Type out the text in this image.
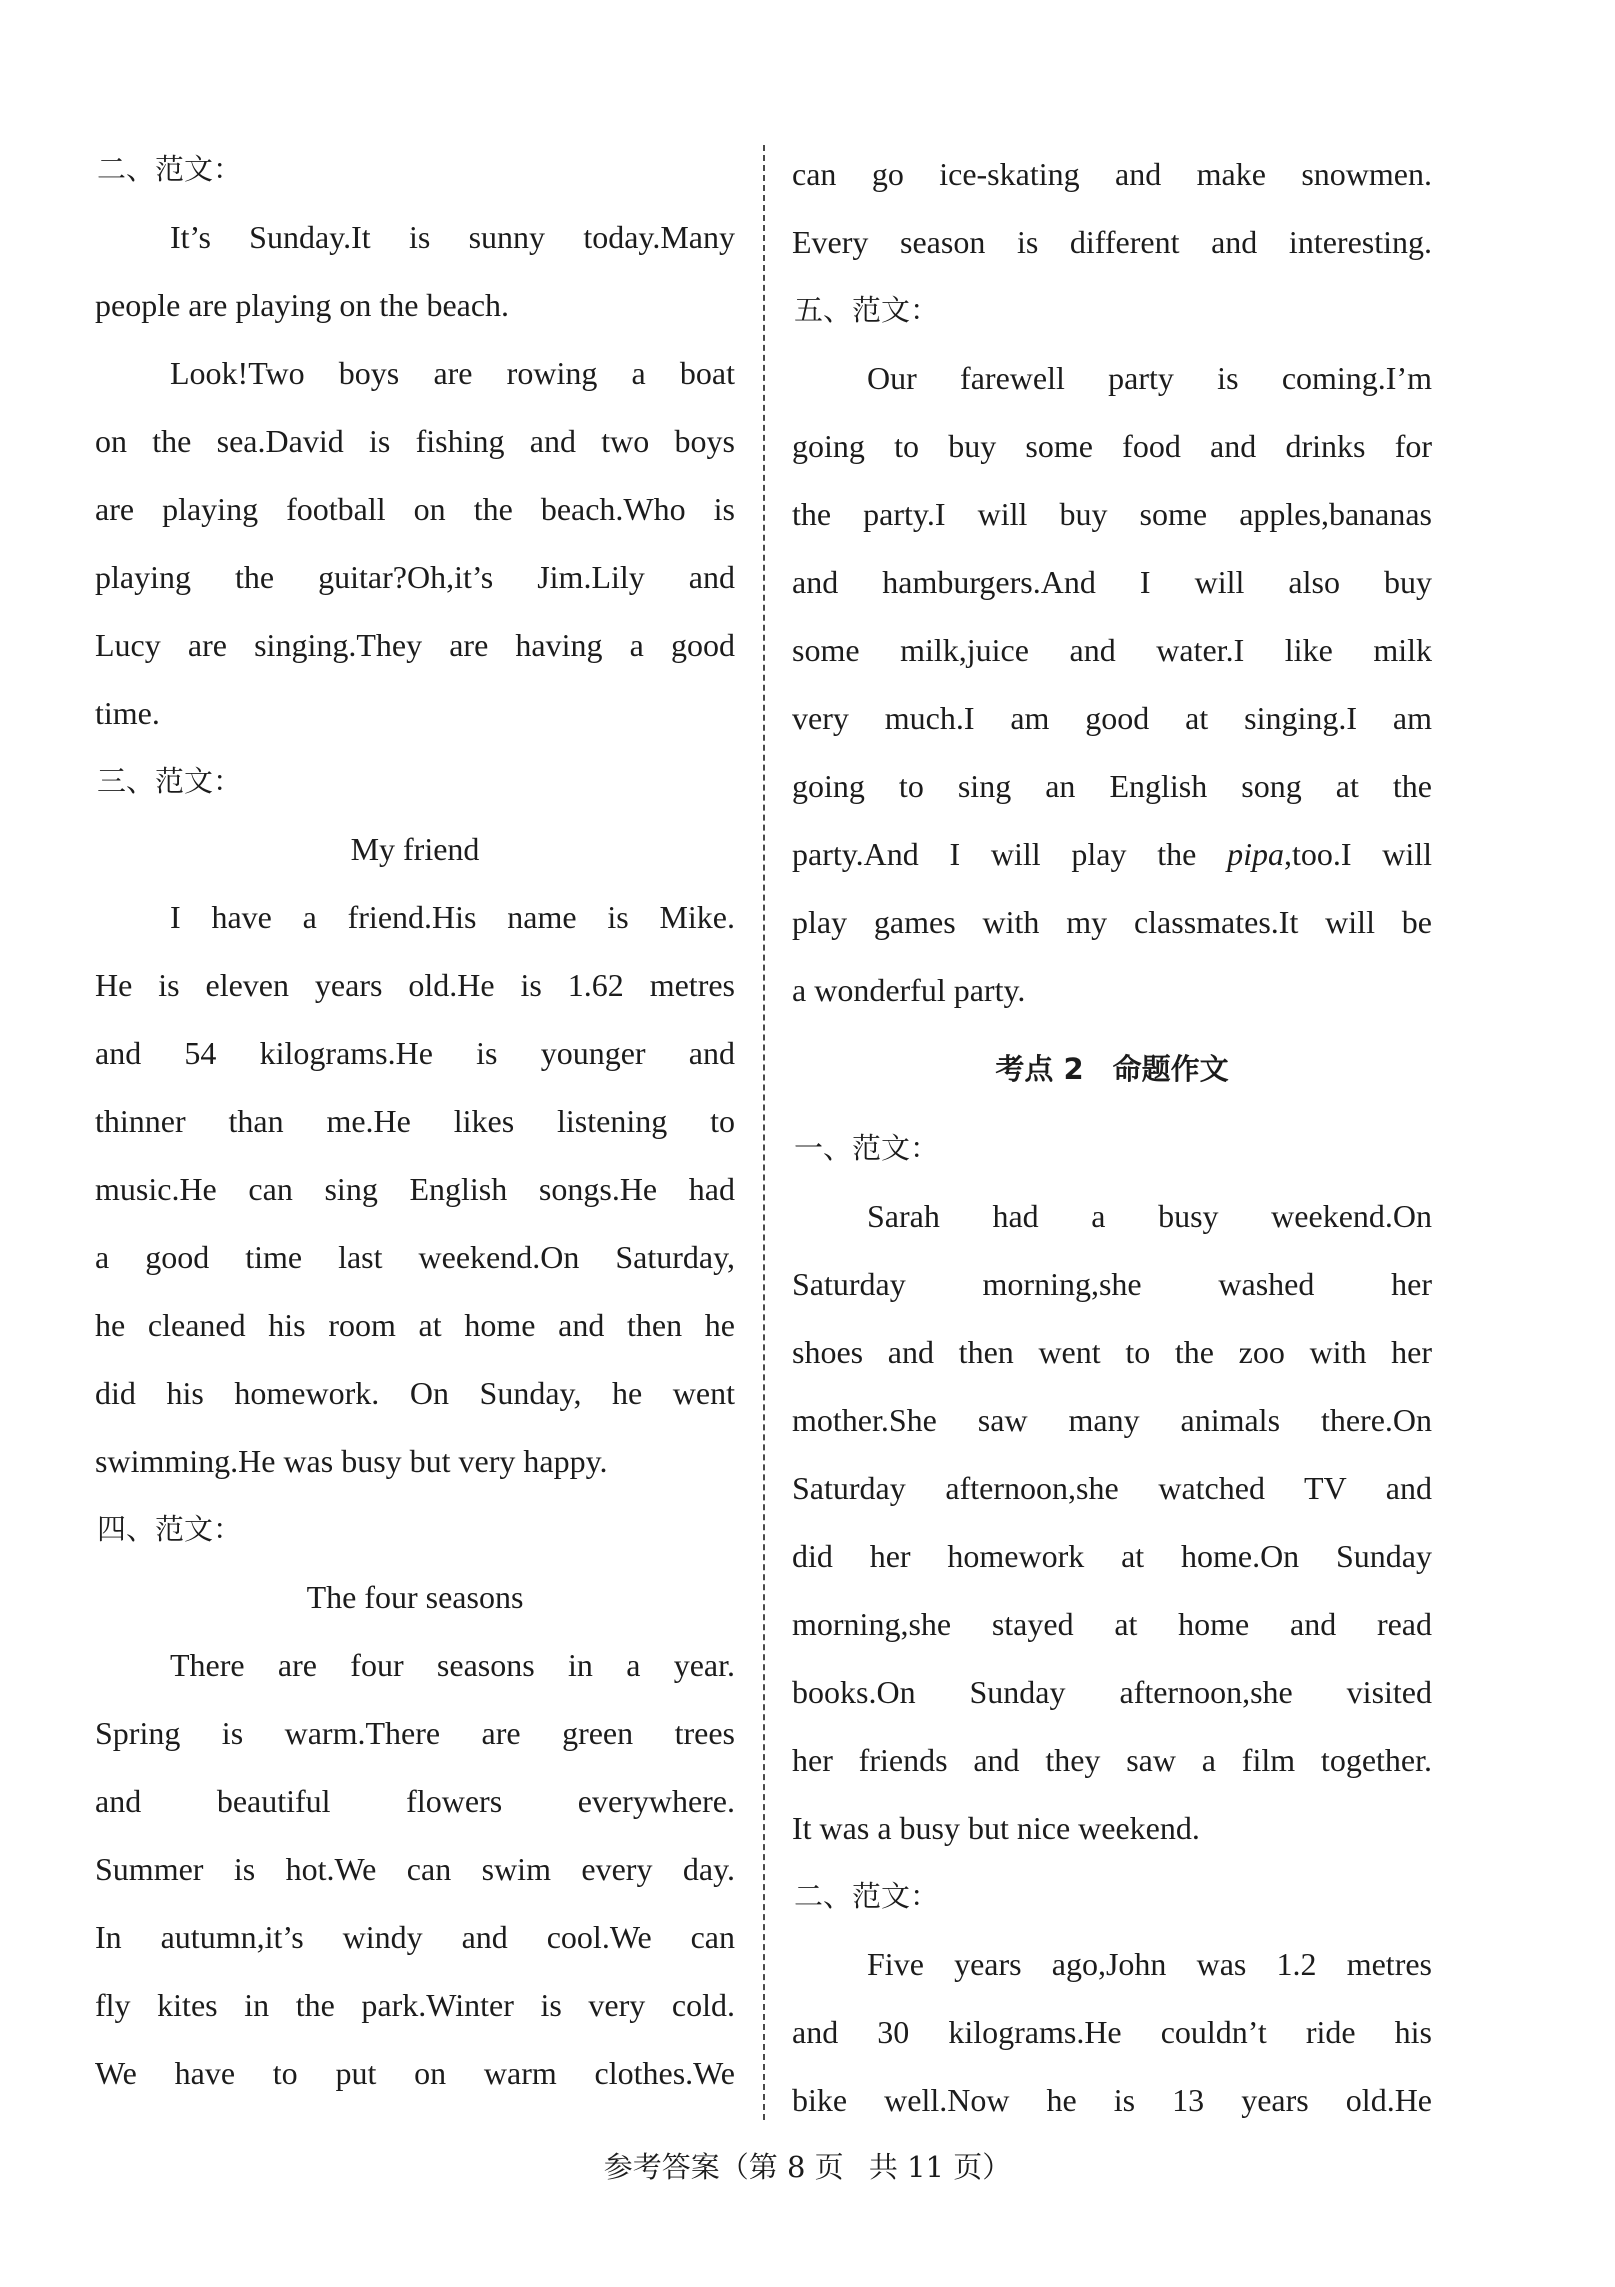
二、范文：
It’s Sunday.It is sunny today.Many
people are playing on the beach.
Look!Two boys are rowing a boat
on the sea.David is fishing and two boys
are playing football on the beach.Who is
playing the guitar?Oh,it’s Jim.Lily and
Lucy are singing.They are having a good
time.
三、范文：
My friend
I have a friend.His name is Mike.
He is eleven years old.He is 1.62 metres
and 54 kilograms.He is younger and
thinner than me.He likes listening to
music.He can sing English songs.He had
a good time last weekend.On Saturday,
he cleaned his room at home and then he
did his homework. On Sunday, he went
swimming.He was busy but very happy.
四、范文：
The four seasons
There are four seasons in a year.
Spring is warm.There are green trees
and beautiful flowers everywhere.
Summer is hot.We can swim every day.
In autumn,it’s windy and cool.We can
fly kites in the park.Winter is very cold.
We have to put on warm clothes.We
can go ice-skating and make snowmen.
Every season is different and interesting.
五、范文：
Our farewell party is coming.I’m
going to buy some food and drinks for
the party.I will buy some apples,bananas
and hamburgers.And I will also buy
some milk,juice and water.I like milk
very much.I am good at singing.I am
going to sing an English song at the
party.And I will play the pipa,too.I will
play games with my classmates.It will be
a wonderful party.
考点 2　命题作文
一、范文：
Sarah had a busy weekend.On
Saturday morning,she washed her
shoes and then went to the zoo with her
mother.She saw many animals there.On
Saturday afternoon,she watched TV and
did her homework at home.On Sunday
morning,she stayed at home and read
books.On Sunday afternoon,she visited
her friends and they saw a film together.
It was a busy but nice weekend.
二、范文：
Five years ago,John was 1.2 metres
and 30 kilograms.He couldn’t ride his
bike well.Now he is 13 years old.He
参考答案（第 8 页 共 11 页）
